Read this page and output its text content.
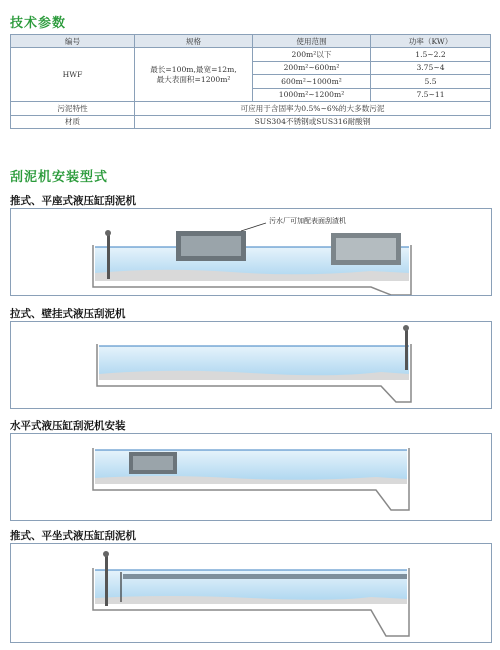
技术参数
编号	规格	使用范围	功率（KW）
HWF	最长=100m,最宽=12m,
最大表面积=1200m²	200m²以下	1.5~2.2
		200m²~600m²	3.75~4
		600m²~1000m²	5.5
		1000m²~1200m²	7.5~11
污泥特性	可应用于含固率为0.5%~6%的大多数污泥		
材质	SUS304不锈钢或SUS316耐酸钢		
刮泥机安装型式
推式、平座式液压缸刮泥机
污水厂可加配表面刮渣机
拉式、壁挂式液压刮泥机
水平式液压缸刮泥机安装
推式、平坐式液压缸刮泥机
